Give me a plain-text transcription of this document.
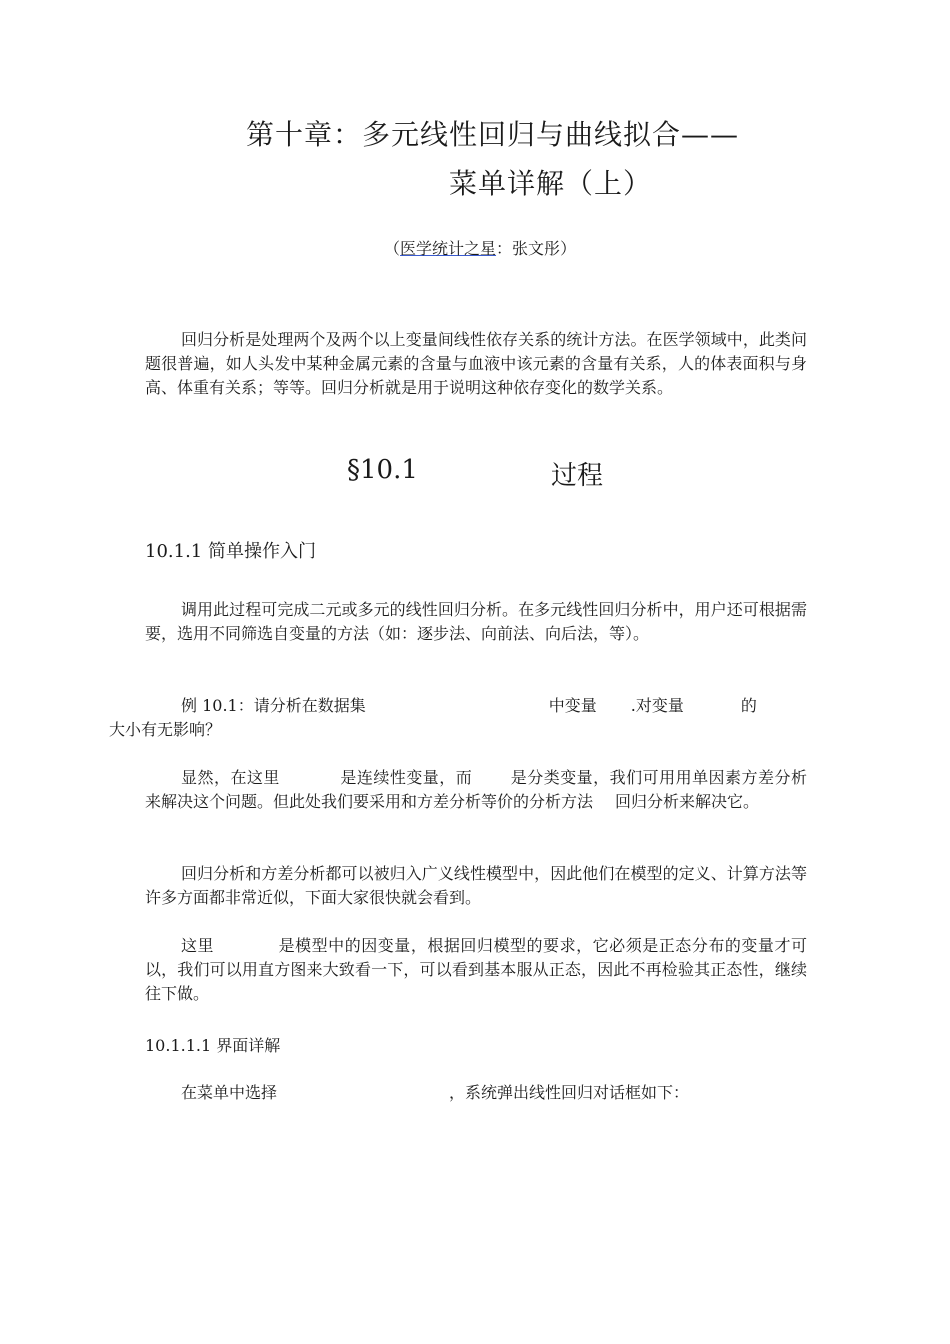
第十章：多元线性回归与曲线拟合——
菜单详解（上）
（医学统计之星：张文彤）
回归分析是处理两个及两个以上变量间线性依存关系的统计方法。在医学领域中，此类问题很普遍，如人头发中某种金属元素的含量与血液中该元素的含量有关系，人的体表面积与身高、体重有关系；等等。回归分析就是用于说明这种依存变化的数学关系。
§10.1	过程
10.1.1 简单操作入门
调用此过程可完成二元或多元的线性回归分析。在多元线性回归分析中，用户还可根据需要，选用不同筛选自变量的方法（如：逐步法、向前法、向后法，等）。
例 10.1：请分析在数据集	中变量 .对变量	的
大小有无影响？
显然，在这里	是连续性变量，而 是分类变量，我们可用用单因素方差分析来解决这个问题。但此处我们要采用和方差分析等价的分析方法 回归分析来解决它。
回归分析和方差分析都可以被归入广义线性模型中，因此他们在模型的定义、计算方法等许多方面都非常近似，下面大家很快就会看到。
这里	是模型中的因变量，根据回归模型的要求，它必须是正态分布的变量才可以，我们可以用直方图来大致看一下，可以看到基本服从正态，因此不再检验其正态性，继续往下做。
10.1.1.1 界面详解
在菜单中选择	，系统弹出线性回归对话框如下：
